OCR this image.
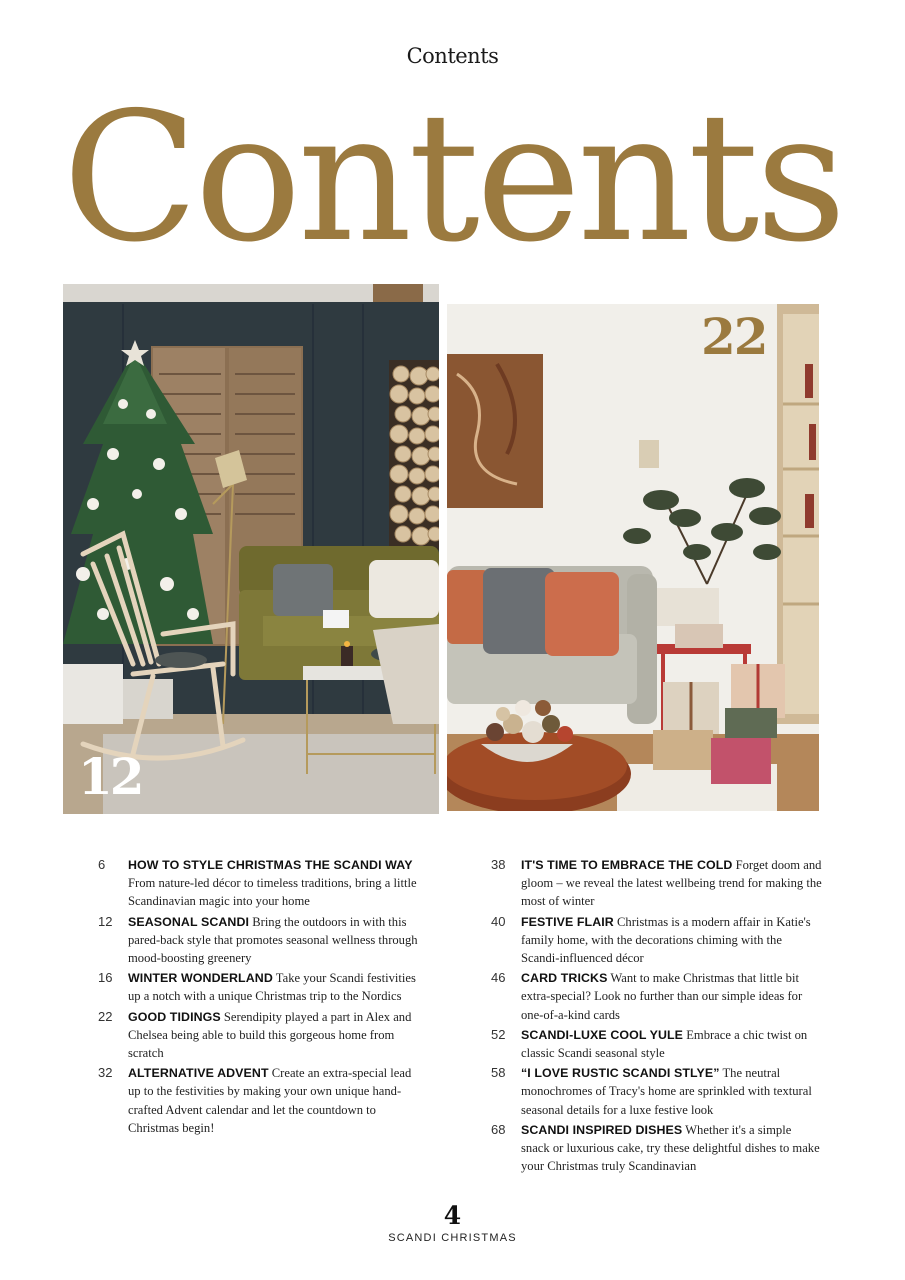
Contents
Contents
12
22
6	HOW TO STYLE CHRISTMAS THE SCANDI WAY From nature-led décor to timeless traditions, bring a little Scandinavian magic into your home
12	SEASONAL SCANDI Bring the outdoors in with this pared-back style that promotes seasonal wellness through mood-boosting greenery
16	WINTER WONDERLAND Take your Scandi festivities up a notch with a unique Christmas trip to the Nordics
22	GOOD TIDINGS Serendipity played a part in Alex and Chelsea being able to build this gorgeous home from scratch
32	ALTERNATIVE ADVENT Create an extra-special lead up to the festivities by making your own unique hand-crafted Advent calendar and let the countdown to Christmas begin!
38	IT'S TIME TO EMBRACE THE COLD Forget doom and gloom – we reveal the latest wellbeing trend for making the most of winter
40	FESTIVE FLAIR Christmas is a modern affair in Katie's family home, with the decorations chiming with the Scandi-influenced décor
46	CARD TRICKS Want to make Christmas that little bit extra-special? Look no further than our simple ideas for one-of-a-kind cards
52	SCANDI-LUXE COOL YULE Embrace a chic twist on classic Scandi seasonal style
58	“I LOVE RUSTIC SCANDI STLYE” The neutral monochromes of Tracy's home are sprinkled with textural seasonal details for a luxe festive look
68	SCANDI INSPIRED DISHES Whether it's a simple snack or luxurious cake, try these delightful dishes to make your Christmas truly Scandinavian
4
SCANDI CHRISTMAS
